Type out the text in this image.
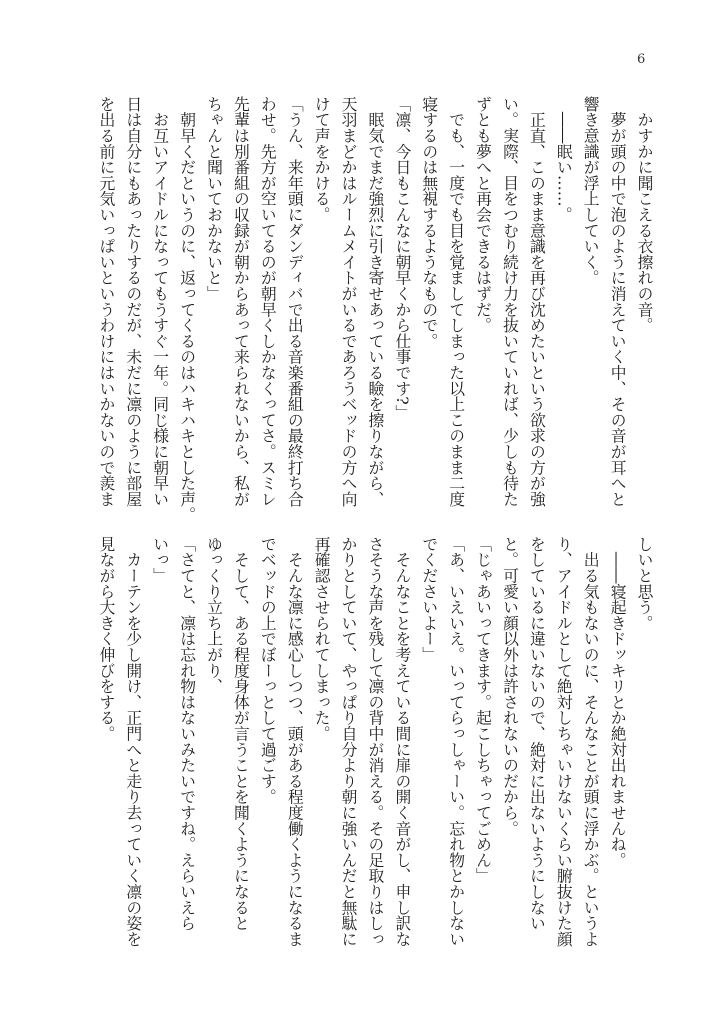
6
　かすかに聞こえる衣擦れの音。
　夢が頭の中で泡のように消えていく中、その音が耳へと
響き意識が浮上していく。
　――眠い……。
　正直、このまま意識を再び沈めたいという欲求の方が強
い。実際、目をつむり続け力を抜いていれば、少しも待た
ずとも夢へと再会できるはずだ。
　でも、一度でも目を覚ましてしまった以上このまま二度
寝するのは無視するようなもので。
「凛、今日もこんなに朝早くから仕事です?」
　眠気でまだ強烈に引き寄せあっている瞼を擦りながら、
天羽まどかはルームメイトがいるであろうベッドの方へ向
けて声をかける。
「うん、来年頭にダンディバで出る音楽番組の最終打ち合
わせ。先方が空いてるのが朝早くしかなくってさ。スミレ
先輩は別番組の収録が朝からあって来られないから、私が
ちゃんと聞いておかないと」
　朝早くだというのに、返ってくるのはハキハキとした声。
　お互いアイドルになってもうすぐ一年。同じ様に朝早い
日は自分にもあったりするのだが、未だに凛のように部屋
を出る前に元気いっぱいというわけにはいかないので羨ま
しいと思う。
　――寝起きドッキリとか絶対出れませんね。
　出る気もないのに、そんなことが頭に浮かぶ。というよ
り、アイドルとして絶対しちゃいけないくらい腑抜けた顔
をしているに違いないので、絶対に出ないようにしない
と。可愛い顔以外は許されないのだから。
「じゃあいってきます。起こしちゃってごめん」
「あ、いえいえ。いってらっしゃーい。忘れ物とかしない
でくださいよー」
　そんなことを考えている間に扉の開く音がし、申し訳な
さそうな声を残して凛の背中が消える。その足取りはしっ
かりとしていて、やっぱり自分より朝に強いんだと無駄に
再確認させられてしまった。
　そんな凛に感心しつつ、頭がある程度働くようになるま
でベッドの上でぼーっとして過ごす。
　そして、ある程度身体が言うことを聞くようになると
ゆっくり立ち上がり、
「さてと、凛は忘れ物はないみたいですね。えらいえら
いっ」
　カーテンを少し開け、正門へと走り去っていく凛の姿を
見ながら大きく伸びをする。
